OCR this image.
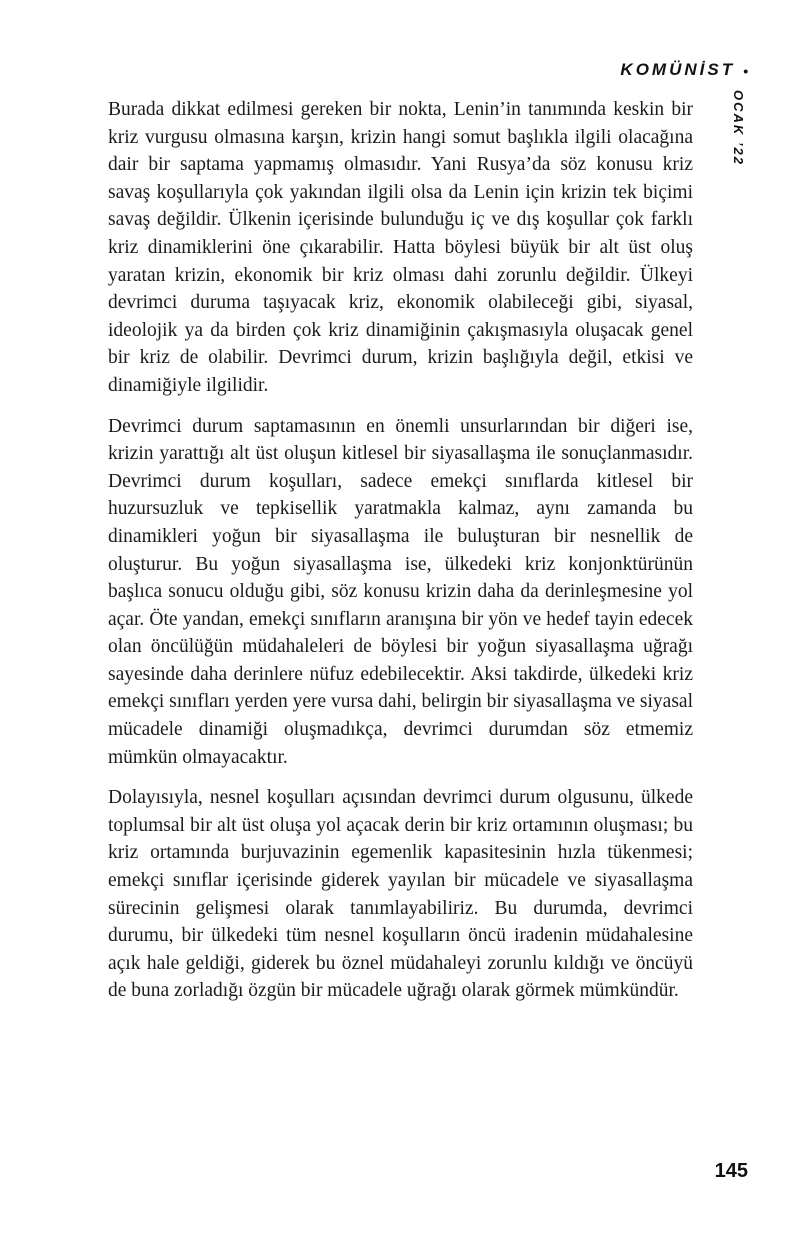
KOMÜNİST •
OCAK ’22

Burada dikkat edilmesi gereken bir nokta, Lenin’in tanımında keskin bir kriz vurgusu olmasına karşın, krizin hangi somut başlıkla ilgili olacağına dair bir saptama yapmamış olmasıdır. Yani Rusya’da söz konusu kriz savaş koşullarıyla çok yakından ilgili olsa da Lenin için krizin tek biçimi savaş değildir. Ülkenin içerisinde bulunduğu iç ve dış koşullar çok farklı kriz dinamiklerini öne çıkarabilir. Hatta böylesi büyük bir alt üst oluş yaratan krizin, ekonomik bir kriz olması dahi zorunlu değildir. Ülkeyi devrimci duruma taşıyacak kriz, ekonomik olabileceği gibi, siyasal, ideolojik ya da birden çok kriz dinamiğinin çakışmasıyla oluşacak genel bir kriz de olabilir. Devrimci durum, krizin başlığıyla değil, etkisi ve dinamiğiyle ilgilidir.

Devrimci durum saptamasının en önemli unsurlarından bir diğeri ise, krizin yarattığı alt üst oluşun kitlesel bir siyasallaşma ile sonuçlanmasıdır. Devrimci durum koşulları, sadece emekçi sınıflarda kitlesel bir huzursuzluk ve tepkisellik yaratmakla kalmaz, aynı zamanda bu dinamikleri yoğun bir siyasallaşma ile buluşturan bir nesnellik de oluşturur. Bu yoğun siyasallaşma ise, ülkedeki kriz konjonktürünün başlıca sonucu olduğu gibi, söz konusu krizin daha da derinleşmesine yol açar. Öte yandan, emekçi sınıfların aranışına bir yön ve hedef tayin edecek olan öncülüğün müdahaleleri de böylesi bir yoğun siyasallaşma uğrağı sayesinde daha derinlere nüfuz edebilecektir. Aksi takdirde, ülkedeki kriz emekçi sınıfları yerden yere vursa dahi, belirgin bir siyasallaşma ve siyasal mücadele dinamiği oluşmadıkça, devrimci durumdan söz etmemiz mümkün olmayacaktır.

Dolayısıyla, nesnel koşulları açısından devrimci durum olgusunu, ülkede toplumsal bir alt üst oluşa yol açacak derin bir kriz ortamının oluşması; bu kriz ortamında burjuvazinin egemenlik kapasitesinin hızla tükenmesi; emekçi sınıflar içerisinde giderek yayılan bir mücadele ve siyasallaşma sürecinin gelişmesi olarak tanımlayabiliriz. Bu durumda, devrimci durumu, bir ülkedeki tüm nesnel koşulların öncü iradenin müdahalesine açık hale geldiği, giderek bu öznel müdahaleyi zorunlu kıldığı ve öncüyü de buna zorladığı özgün bir mücadele uğrağı olarak görmek mümkündür.

145
